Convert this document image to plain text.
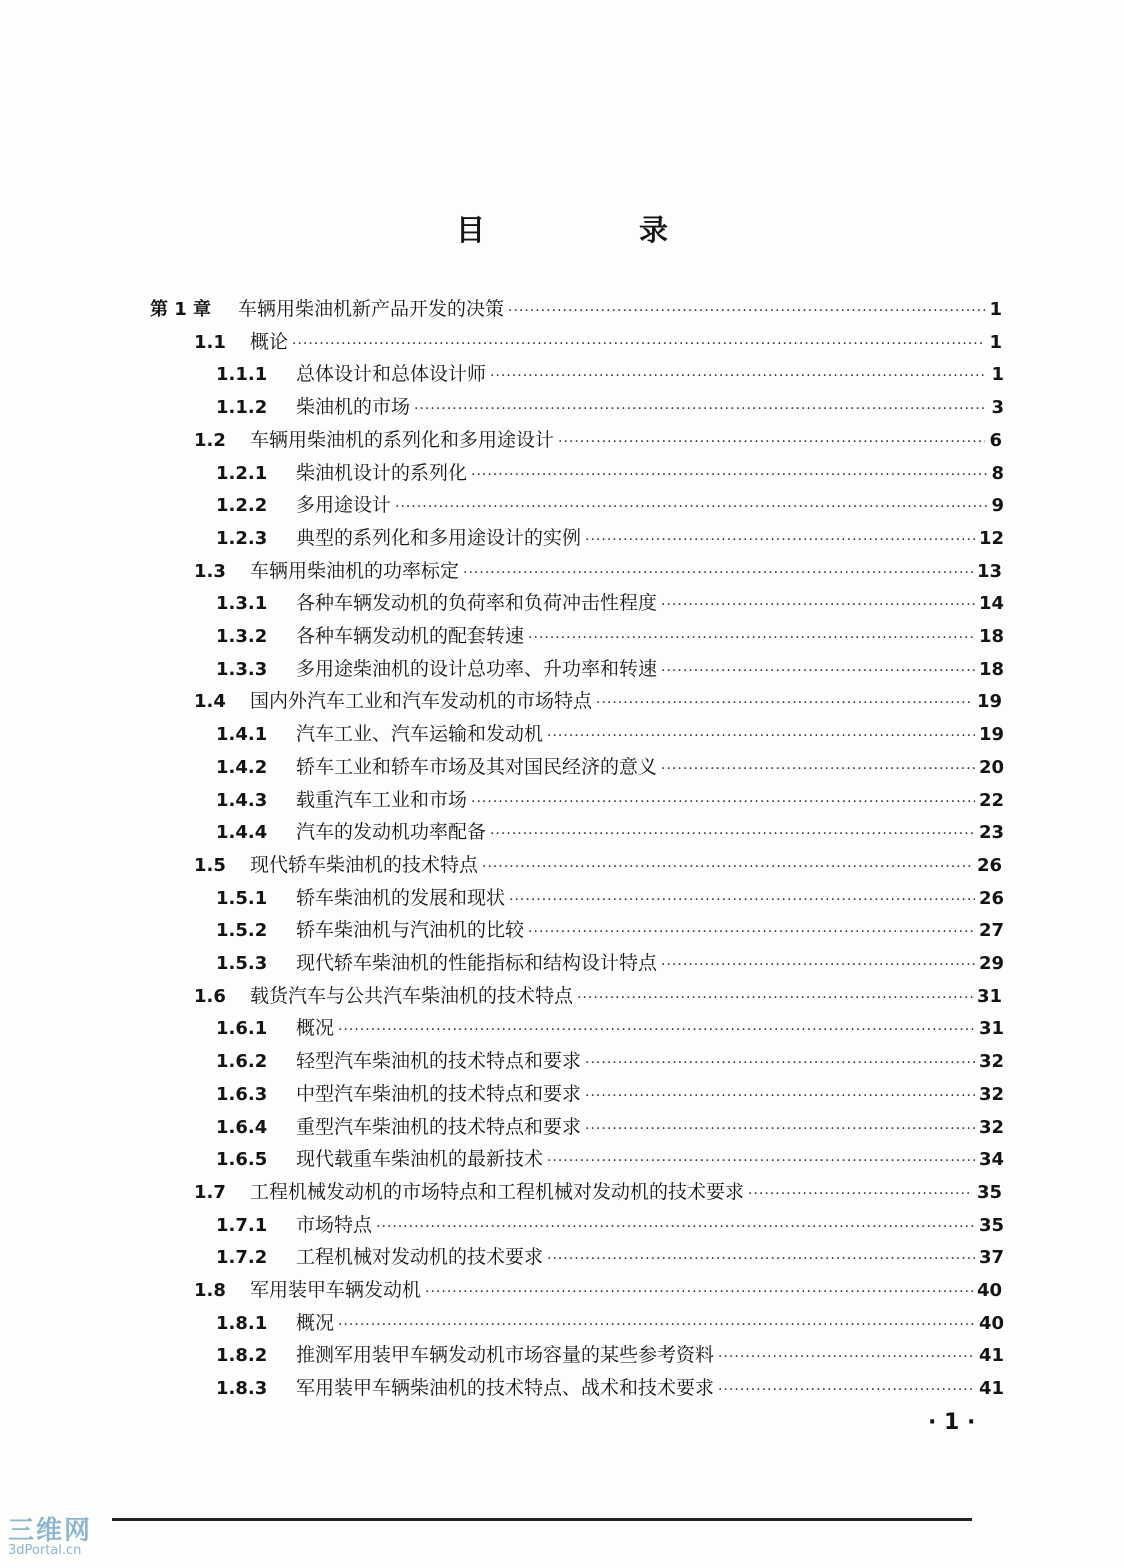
目 录
第 1 章	车辆用柴油机新产品开发的决策 ·····	1
1.1	概论 ·····	1
1.1.1	总体设计和总体设计师 ·····	1
1.1.2	柴油机的市场 ·····	3
1.2	车辆用柴油机的系列化和多用途设计 ·····	6
1.2.1	柴油机设计的系列化 ·····	8
1.2.2	多用途设计 ·····	9
1.2.3	典型的系列化和多用途设计的实例 ·····	12
1.3	车辆用柴油机的功率标定 ·····	13
1.3.1	各种车辆发动机的负荷率和负荷冲击性程度 ·····	14
1.3.2	各种车辆发动机的配套转速 ·····	18
1.3.3	多用途柴油机的设计总功率、升功率和转速 ·····	18
1.4	国内外汽车工业和汽车发动机的市场特点 ·····	19
1.4.1	汽车工业、汽车运输和发动机 ·····	19
1.4.2	轿车工业和轿车市场及其对国民经济的意义 ·····	20
1.4.3	载重汽车工业和市场 ·····	22
1.4.4	汽车的发动机功率配备 ·····	23
1.5	现代轿车柴油机的技术特点 ·····	26
1.5.1	轿车柴油机的发展和现状 ·····	26
1.5.2	轿车柴油机与汽油机的比较 ·····	27
1.5.3	现代轿车柴油机的性能指标和结构设计特点 ·····	29
1.6	载货汽车与公共汽车柴油机的技术特点 ·····	31
1.6.1	概况 ·····	31
1.6.2	轻型汽车柴油机的技术特点和要求 ·····	32
1.6.3	中型汽车柴油机的技术特点和要求 ·····	32
1.6.4	重型汽车柴油机的技术特点和要求 ·····	32
1.6.5	现代载重车柴油机的最新技术 ·····	34
1.7	工程机械发动机的市场特点和工程机械对发动机的技术要求 ·····	35
1.7.1	市场特点 ·····	35
1.7.2	工程机械对发动机的技术要求 ·····	37
1.8	军用装甲车辆发动机 ·····	40
1.8.1	概况 ·····	40
1.8.2	推测军用装甲车辆发动机市场容量的某些参考资料 ·····	41
1.8.3	军用装甲车辆柴油机的技术特点、战术和技术要求 ·····	41
· 1 ·
三维网
3dPortal.cn
